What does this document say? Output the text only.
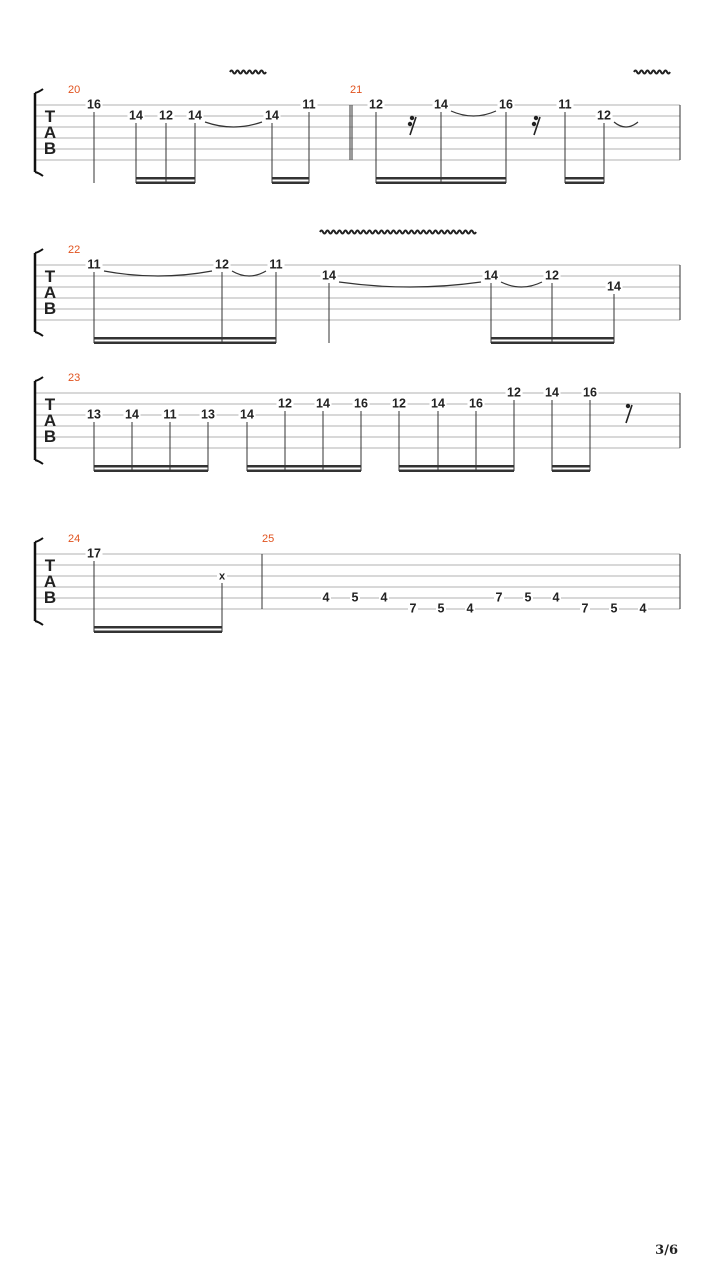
T
A
B
20
16
14 12 14	14
11
21
12	14	16	11
12
T
A
B
22
11	12	11
14	14	12
14
T
A
B
23
13 14 11 13 14
12 14 16 12 14 16
12 14 16
T
A
B
24
17
x
25
4 5 4
7 5 4
7 5 4
7 5 4
3/6
